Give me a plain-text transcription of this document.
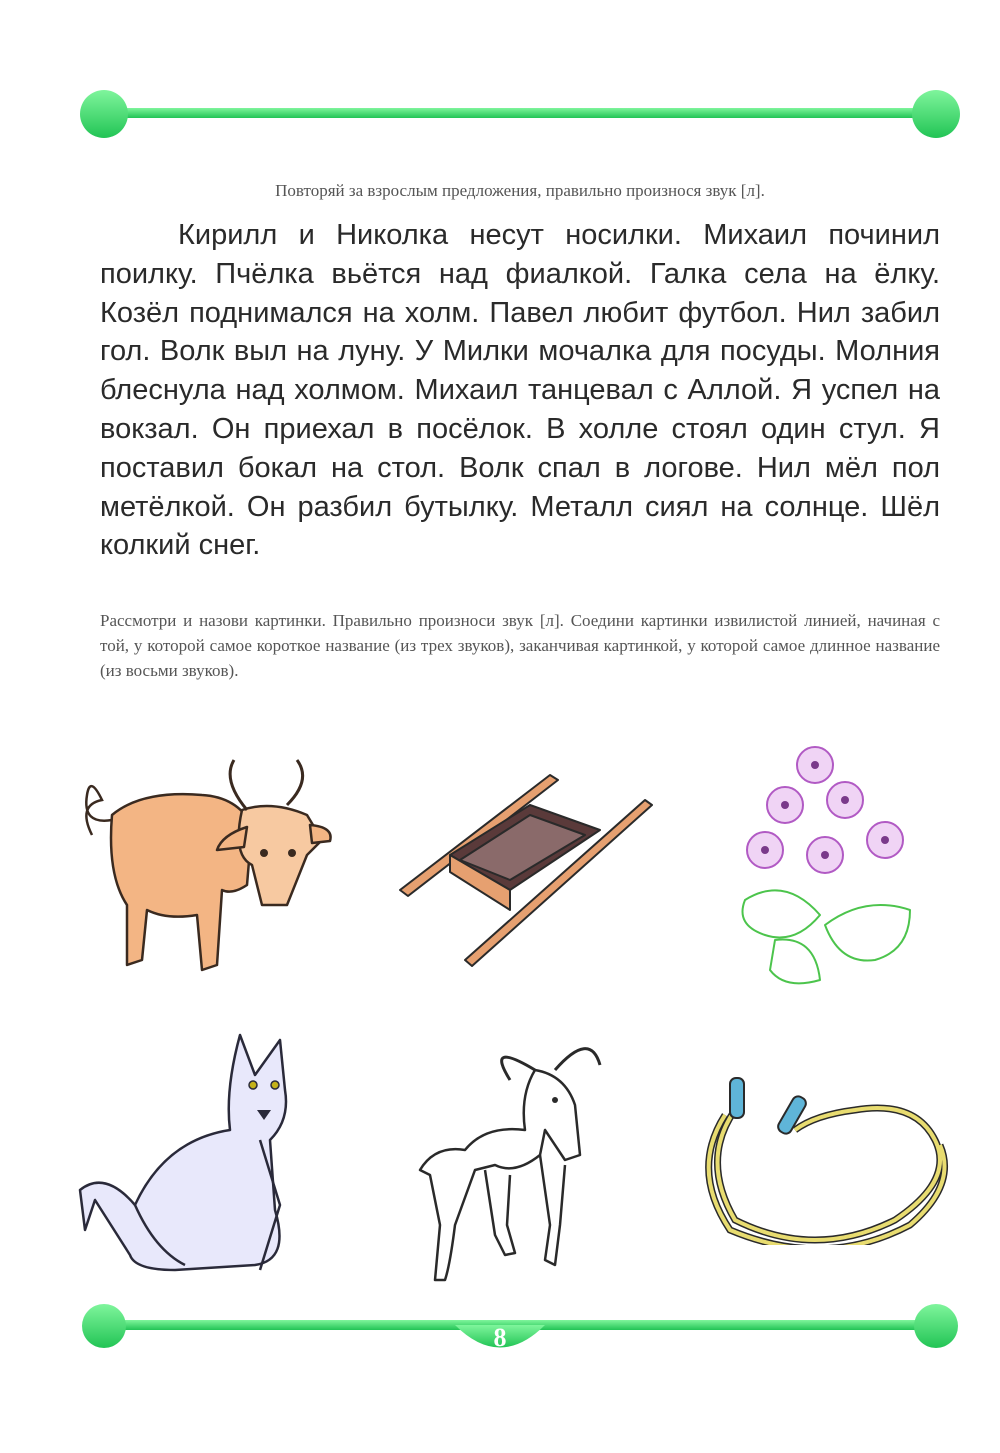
Повторяй за взрослым предложения, правильно произнося звук [л].
Кирилл и Николка несут носилки. Михаил починил поилку. Пчёлка вьётся над фиалкой. Галка села на ёлку. Козёл поднимался на холм. Павел любит футбол. Нил забил гол. Волк выл на луну. У Милки мочалка для посуды. Молния блеснула над холмом. Михаил танцевал с Аллой. Я успел на вокзал. Он приехал в посёлок. В холле стоял один стул. Я поставил бокал на стол. Волк спал в логове. Нил мёл пол метёлкой. Он разбил бутылку. Металл сиял на солнце. Шёл колкий снег.
Рассмотри и назови картинки. Правильно произноси звук [л]. Соедини картинки извилистой линией, начиная с той, у которой самое короткое название (из трех звуков), заканчивая картинкой, у которой самое длинное название (из восьми звуков).
8
